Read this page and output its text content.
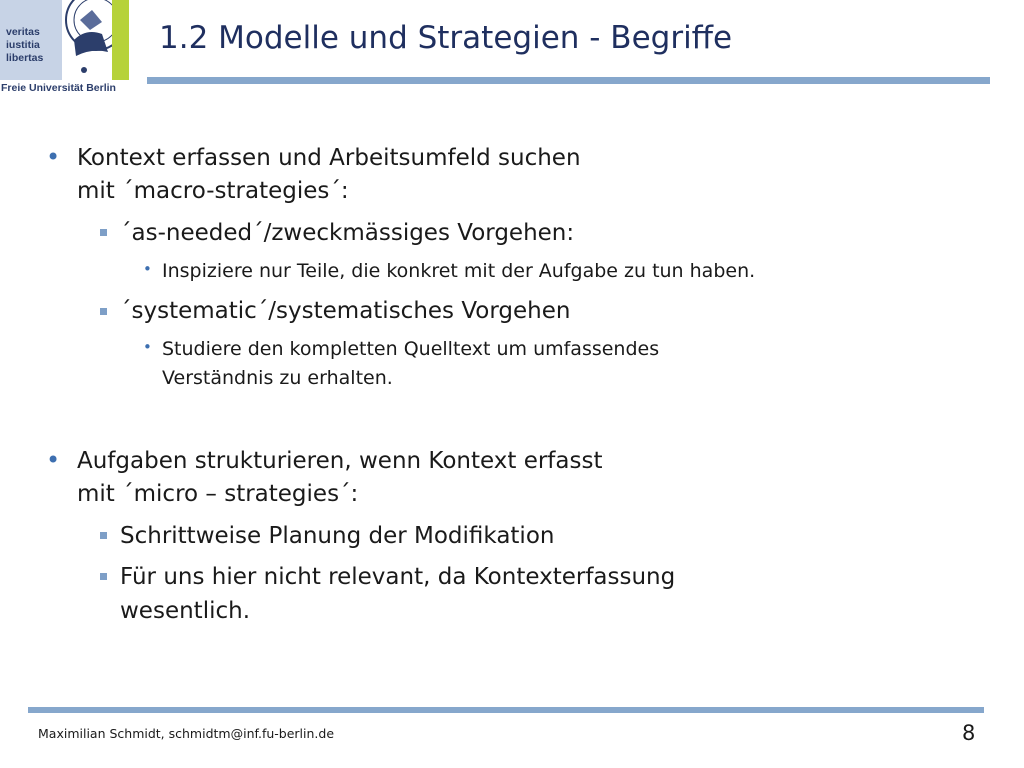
veritas
iustitia
libertas
Freie Universität Berlin
1.2 Modelle und Strategien - Begriffe
• Kontext erfassen und Arbeitsumfeld suchen
mit ´macro-strategies´:
´as-needed´/zweckmässiges Vorgehen:
• Inspiziere nur Teile, die konkret mit der Aufgabe zu tun haben.
´systematic´/systematisches Vorgehen
• Studiere den kompletten Quelltext um umfassendes
Verständnis zu erhalten.
• Aufgaben strukturieren, wenn Kontext erfasst
mit ´micro – strategies´:
Schrittweise Planung der Modifikation
Für uns hier nicht relevant, da Kontexterfassung
wesentlich.
Maximilian Schmidt, schmidtm@inf.fu-berlin.de	8
